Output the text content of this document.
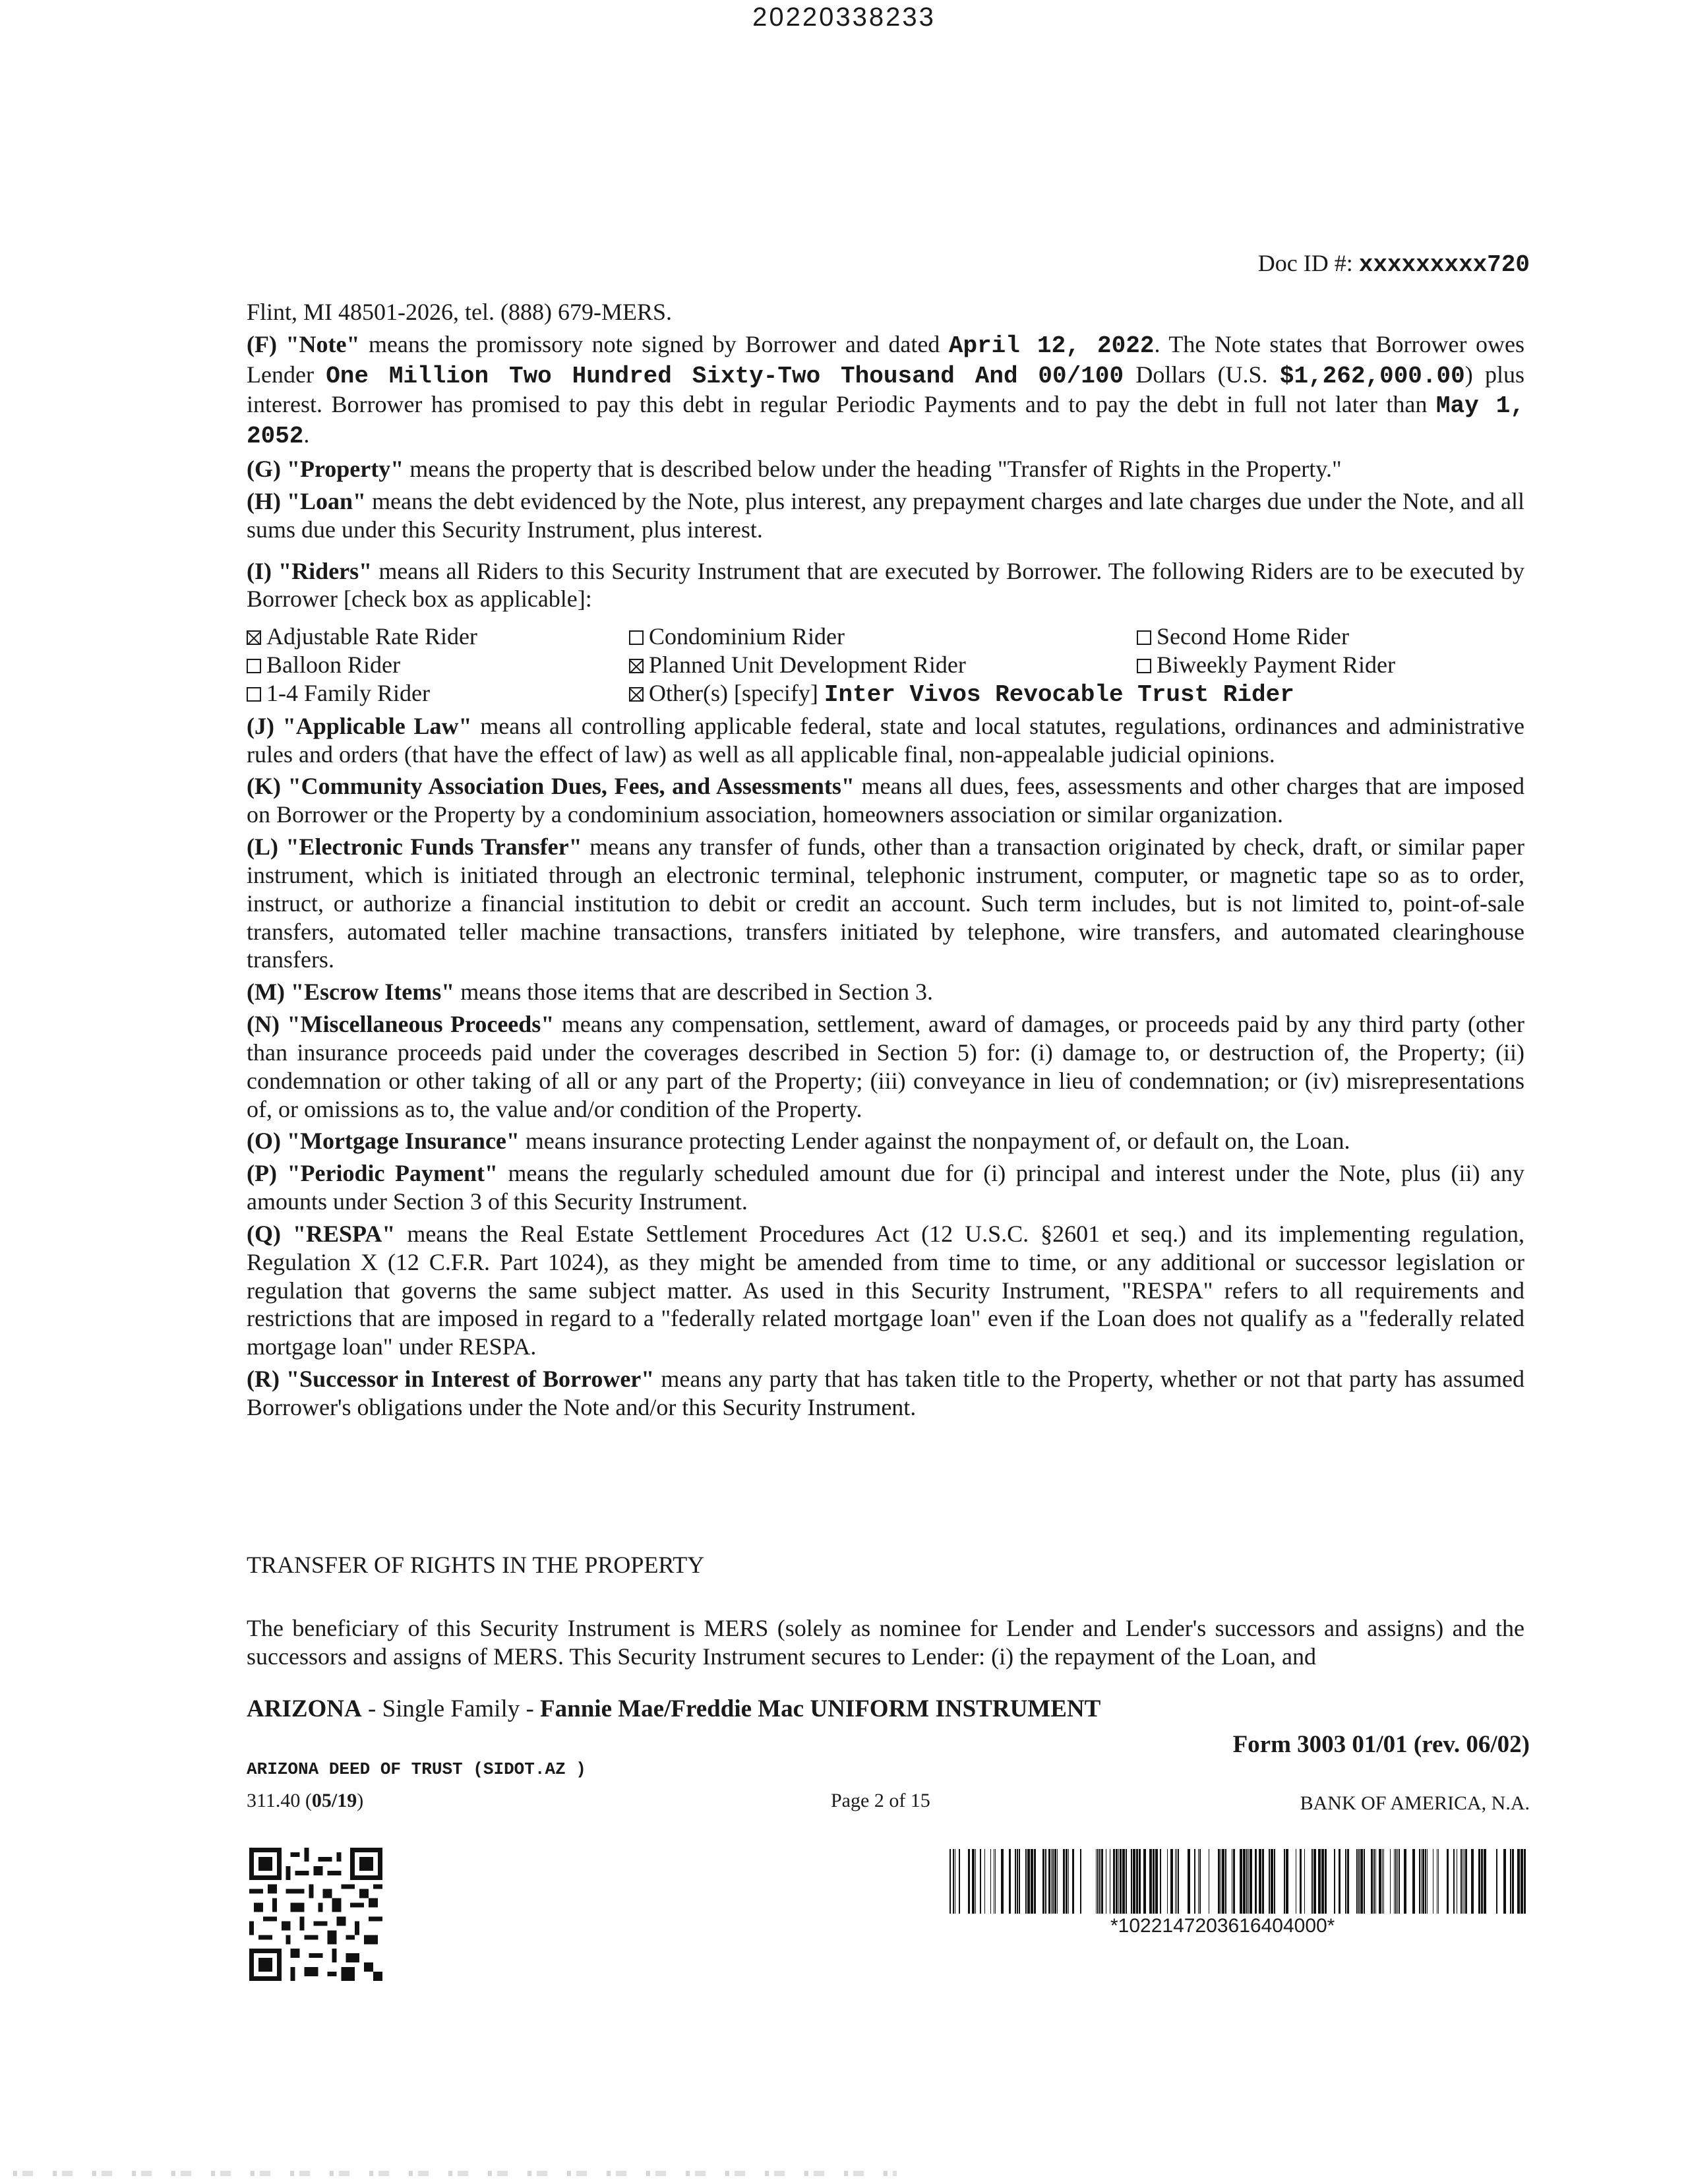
20220338233
Doc ID #: xxxxxxxxx720

Flint, MI 48501-2026, tel. (888) 679-MERS.

(F) "Note" means the promissory note signed by Borrower and dated April 12, 2022. The Note states that Borrower owes Lender One Million Two Hundred Sixty-Two Thousand And 00/100 Dollars (U.S. $1,262,000.00) plus interest. Borrower has promised to pay this debt in regular Periodic Payments and to pay the debt in full not later than May 1, 2052.

(G) "Property" means the property that is described below under the heading "Transfer of Rights in the Property."

(H) "Loan" means the debt evidenced by the Note, plus interest, any prepayment charges and late charges due under the Note, and all sums due under this Security Instrument, plus interest.

(I) "Riders" means all Riders to this Security Instrument that are executed by Borrower. The following Riders are to be executed by Borrower [check box as applicable]:

Adjustable Rate Rider	Condominium Rider	Second Home Rider
Balloon Rider	Planned Unit Development Rider	Biweekly Payment Rider
1-4 Family Rider	Other(s) [specify] Inter Vivos Revocable Trust Rider

(J) "Applicable Law" means all controlling applicable federal, state and local statutes, regulations, ordinances and administrative rules and orders (that have the effect of law) as well as all applicable final, non-appealable judicial opinions.

(K) "Community Association Dues, Fees, and Assessments" means all dues, fees, assessments and other charges that are imposed on Borrower or the Property by a condominium association, homeowners association or similar organization.

(L) "Electronic Funds Transfer" means any transfer of funds, other than a transaction originated by check, draft, or similar paper instrument, which is initiated through an electronic terminal, telephonic instrument, computer, or magnetic tape so as to order, instruct, or authorize a financial institution to debit or credit an account. Such term includes, but is not limited to, point-of-sale transfers, automated teller machine transactions, transfers initiated by telephone, wire transfers, and automated clearinghouse transfers.

(M) "Escrow Items" means those items that are described in Section 3.

(N) "Miscellaneous Proceeds" means any compensation, settlement, award of damages, or proceeds paid by any third party (other than insurance proceeds paid under the coverages described in Section 5) for: (i) damage to, or destruction of, the Property; (ii) condemnation or other taking of all or any part of the Property; (iii) conveyance in lieu of condemnation; or (iv) misrepresentations of, or omissions as to, the value and/or condition of the Property.

(O) "Mortgage Insurance" means insurance protecting Lender against the nonpayment of, or default on, the Loan.

(P) "Periodic Payment" means the regularly scheduled amount due for (i) principal and interest under the Note, plus (ii) any amounts under Section 3 of this Security Instrument.

(Q) "RESPA" means the Real Estate Settlement Procedures Act (12 U.S.C. §2601 et seq.) and its implementing regulation, Regulation X (12 C.F.R. Part 1024), as they might be amended from time to time, or any additional or successor legislation or regulation that governs the same subject matter. As used in this Security Instrument, "RESPA" refers to all requirements and restrictions that are imposed in regard to a "federally related mortgage loan" even if the Loan does not qualify as a "federally related mortgage loan" under RESPA.

(R) "Successor in Interest of Borrower" means any party that has taken title to the Property, whether or not that party has assumed Borrower's obligations under the Note and/or this Security Instrument.

TRANSFER OF RIGHTS IN THE PROPERTY
The beneficiary of this Security Instrument is MERS (solely as nominee for Lender and Lender's successors and assigns) and the successors and assigns of MERS. This Security Instrument secures to Lender: (i) the repayment of the Loan, and
ARIZONA - Single Family - Fannie Mae/Freddie Mac UNIFORM INSTRUMENT
Form 3003 01/01 (rev. 06/02)
ARIZONA DEED OF TRUST (SIDOT.AZ )
311.40 (05/19)	Page 2 of 15	BANK OF AMERICA, N.A.
*1022147203616404000*
